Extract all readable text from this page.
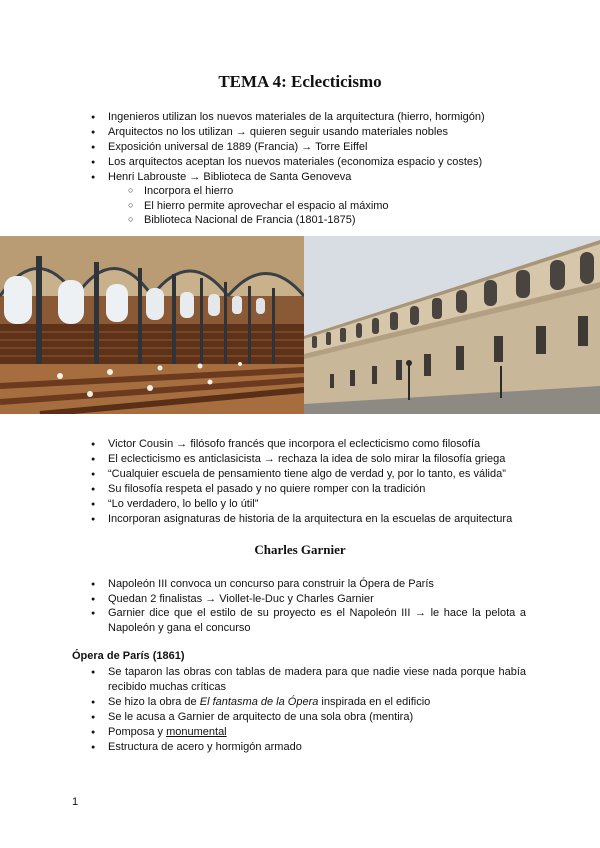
TEMA 4: Eclecticismo
● Ingenieros utilizan los nuevos materiales de la arquitectura (hierro, hormigón)
● Arquitectos no los utilizan → quieren seguir usando materiales nobles
● Exposición universal de 1889 (Francia) → Torre Eiffel
● Los arquitectos aceptan los nuevos materiales (economiza espacio y costes)
● Henri Labrouste → Biblioteca de Santa Genoveva
○ Incorpora el hierro
○ El hierro permite aprovechar el espacio al máximo
○ Biblioteca Nacional de Francia (1801-1875)
● Victor Cousin → filósofo francés que incorpora el eclecticismo como filosofía
● El eclecticismo es anticlasicista → rechaza la idea de solo mirar la filosofía griega
● “Cualquier escuela de pensamiento tiene algo de verdad y, por lo tanto, es válida”
● Su filosofía respeta el pasado y no quiere romper con la tradición
● “Lo verdadero, lo bello y lo útil”
● Incorporan asignaturas de historia de la arquitectura en la escuelas de arquitectura
Charles Garnier
● Napoleón III convoca un concurso para construir la Ópera de París
● Quedan 2 finalistas → Viollet-le-Duc y Charles Garnier
● Garnier dice que el estilo de su proyecto es el Napoleón III → le hace la pelota a Napoleón y gana el concurso
Ópera de París (1861)
● Se taparon las obras con tablas de madera para que nadie viese nada porque había recibido muchas críticas
● Se hizo la obra de El fantasma de la Ópera inspirada en el edificio
● Se le acusa a Garnier de arquitecto de una sola obra (mentira)
● Pomposa y monumental
● Estructura de acero y hormigón armado
1
